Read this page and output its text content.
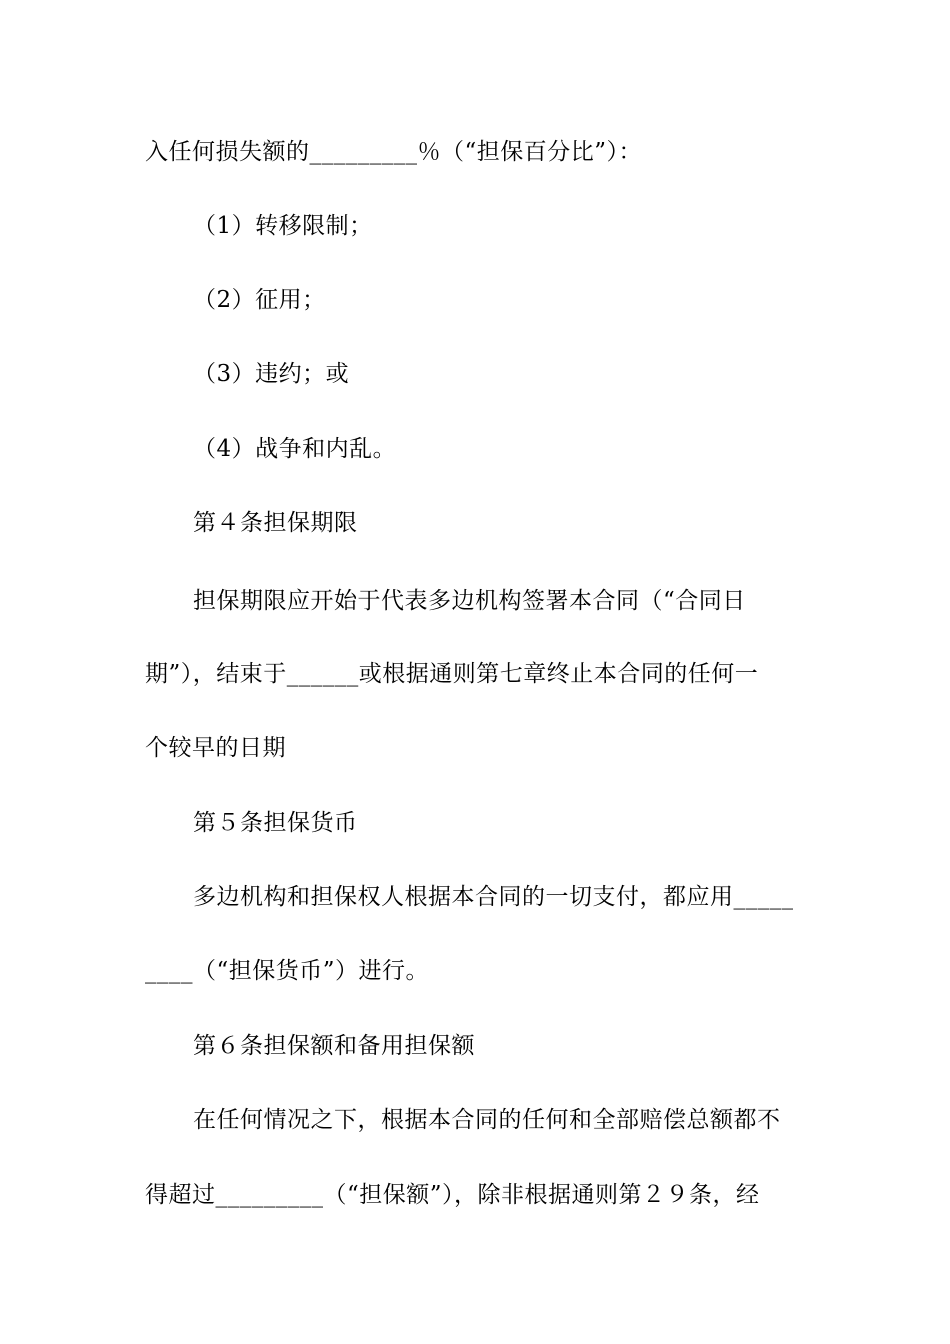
入任何损失额的_________％（“担保百分比”）：
（1）转移限制；
（2）征用；
（3）违约；或
（4）战争和内乱。
第４条担保期限
担保期限应开始于代表多边机构签署本合同（“合同日
期”），结束于______或根据通则第七章终止本合同的任何一
个较早的日期
第５条担保货币
多边机构和担保权人根据本合同的一切支付，都应用_____
____（“担保货币”）进行。
第６条担保额和备用担保额
在任何情况之下，根据本合同的任何和全部赔偿总额都不
得超过_________（“担保额”），除非根据通则第２９条，经
